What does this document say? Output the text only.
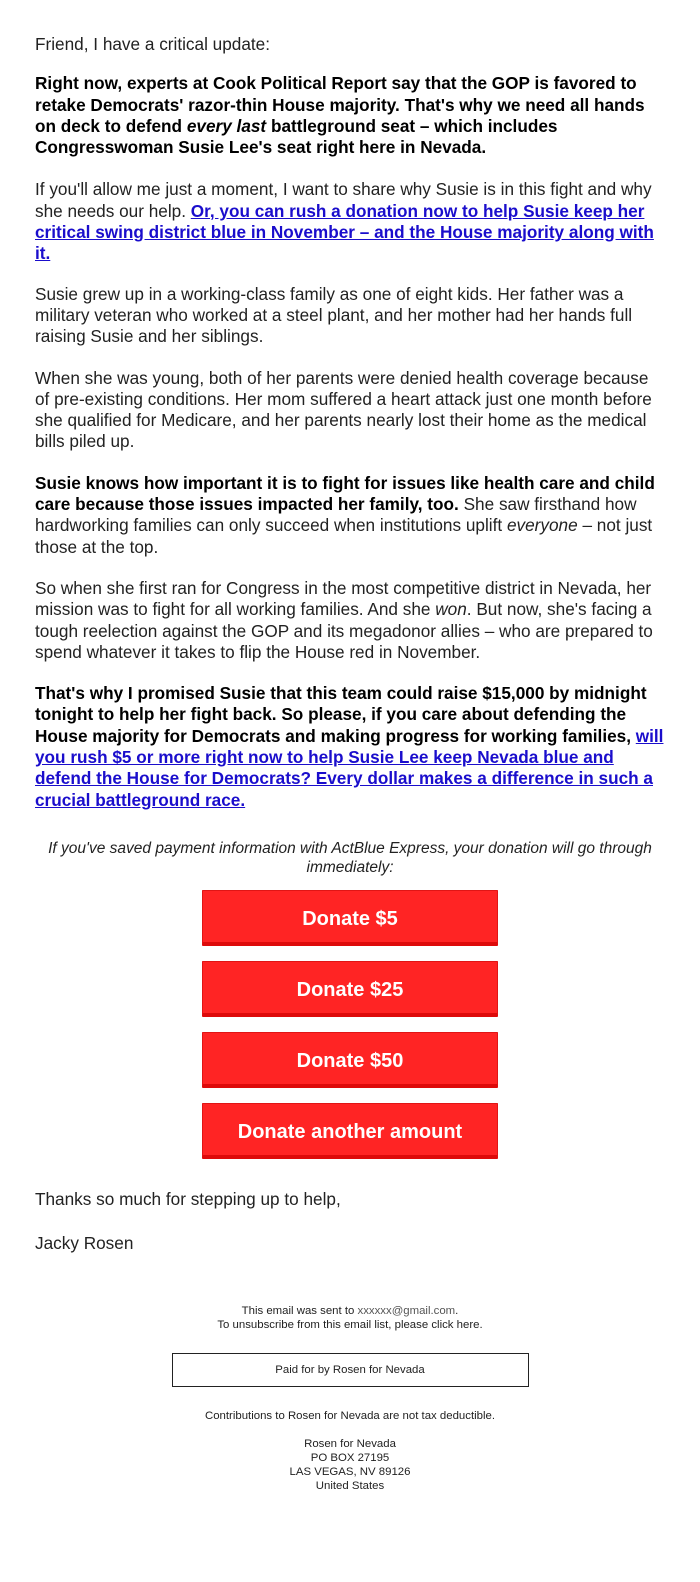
Friend, I have a critical update:

Right now, experts at Cook Political Report say that the GOP is favored to retake Democrats' razor-thin House majority. That's why we need all hands on deck to defend every last battleground seat – which includes Congresswoman Susie Lee's seat right here in Nevada.

If you'll allow me just a moment, I want to share why Susie is in this fight and why she needs our help. Or, you can rush a donation now to help Susie keep her critical swing district blue in November – and the House majority along with it.

Susie grew up in a working-class family as one of eight kids. Her father was a military veteran who worked at a steel plant, and her mother had her hands full raising Susie and her siblings.

When she was young, both of her parents were denied health coverage because of pre-existing conditions. Her mom suffered a heart attack just one month before she qualified for Medicare, and her parents nearly lost their home as the medical bills piled up.

Susie knows how important it is to fight for issues like health care and child care because those issues impacted her family, too. She saw firsthand how hardworking families can only succeed when institutions uplift everyone – not just those at the top.

So when she first ran for Congress in the most competitive district in Nevada, her mission was to fight for all working families. And she won. But now, she's facing a tough reelection against the GOP and its megadonor allies – who are prepared to spend whatever it takes to flip the House red in November.

That's why I promised Susie that this team could raise $15,000 by midnight tonight to help her fight back. So please, if you care about defending the House majority for Democrats and making progress for working families, will you rush $5 or more right now to help Susie Lee keep Nevada blue and defend the House for Democrats? Every dollar makes a difference in such a crucial battleground race.

If you've saved payment information with ActBlue Express, your donation will go through immediately:
Donate $5
Donate $25
Donate $50
Donate another amount
Thanks so much for stepping up to help,
Jacky Rosen
This email was sent to xxxxxx@gmail.com.
To unsubscribe from this email list, please click here.
Paid for by Rosen for Nevada
Contributions to Rosen for Nevada are not tax deductible.
Rosen for Nevada
PO BOX 27195
LAS VEGAS, NV 89126
United States
